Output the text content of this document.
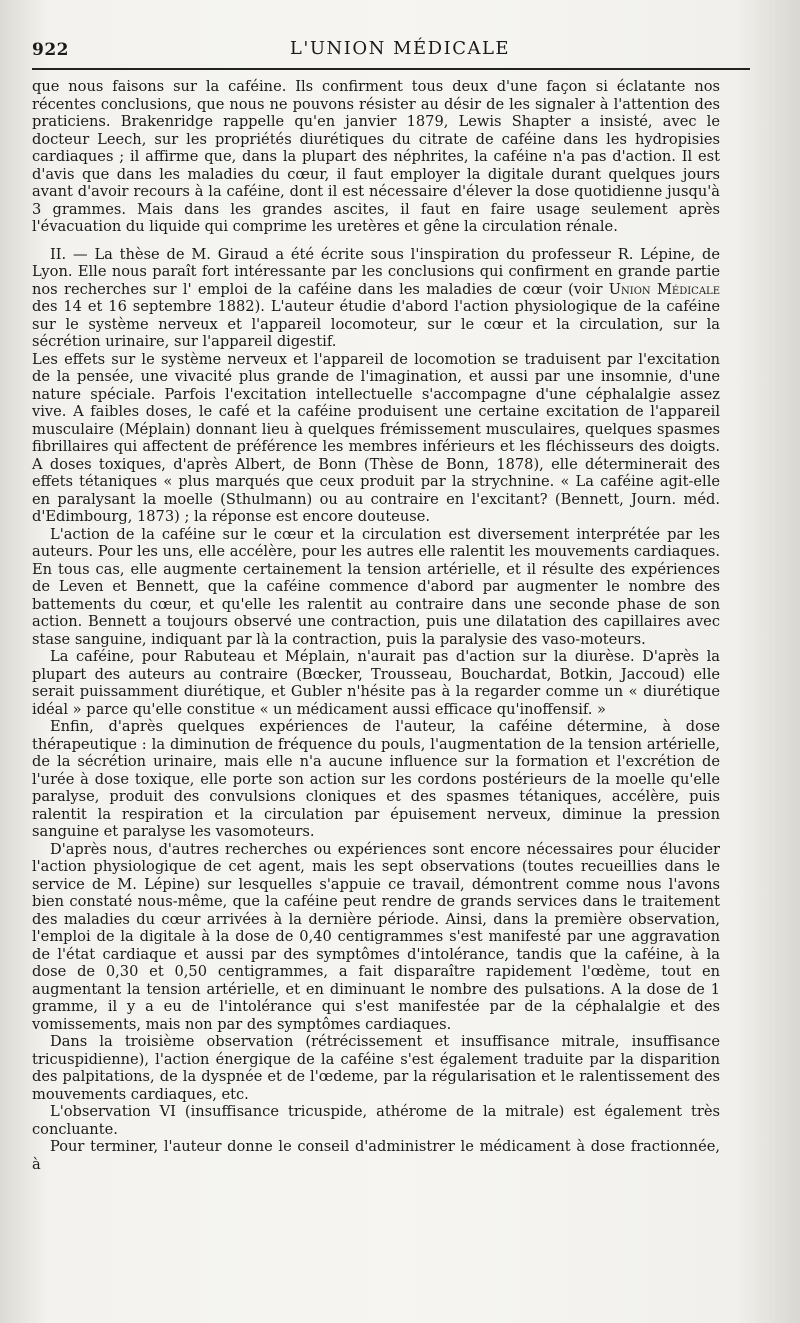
922	L'UNION MÉDICALE

que nous faisons sur la caféine. Ils confirment tous deux d'une façon si éclatante nos récentes conclusions, que nous ne pouvons résister au désir de les signaler à l'attention des praticiens. Brakenridge rappelle qu'en janvier 1879, Lewis Shapter a insisté, avec le docteur Leech, sur les propriétés diurétiques du citrate de caféine dans les hydropisies cardiaques ; il affirme que, dans la plupart des néphrites, la caféine n'a pas d'action. Il est d'avis que dans les maladies du cœur, il faut employer la digitale durant quelques jours avant d'avoir recours à la caféine, dont il est nécessaire d'élever la dose quotidienne jusqu'à 3 grammes. Mais dans les grandes ascites, il faut en faire usage seulement après l'évacuation du liquide qui comprime les uretères et gêne la circulation rénale.

II. — La thèse de M. Giraud a été écrite sous l'inspiration du professeur R. Lépine, de Lyon. Elle nous paraît fort intéressante par les conclusions qui confirment en grande partie nos recherches sur l' emploi de la caféine dans les maladies de cœur (voir Union Médicale des 14 et 16 septembre 1882). L'auteur étudie d'abord l'action physiologique de la caféine sur le système nerveux et l'appareil locomoteur, sur le cœur et la circulation, sur la sécrétion urinaire, sur l'appareil digestif.

Les effets sur le système nerveux et l'appareil de locomotion se traduisent par l'excitation de la pensée, une vivacité plus grande de l'imagination, et aussi par une insomnie, d'une nature spéciale. Parfois l'excitation intellectuelle s'accompagne d'une céphalalgie assez vive. A faibles doses, le café et la caféine produisent une certaine excitation de l'appareil musculaire (Méplain) donnant lieu à quelques frémissement musculaires, quelques spasmes fibrillaires qui affectent de préférence les membres inférieurs et les fléchisseurs des doigts. A doses toxiques, d'après Albert, de Bonn (Thèse de Bonn, 1878), elle déterminerait des effets tétaniques « plus marqués que ceux produit par la strychnine. « La caféine agit-elle en paralysant la moelle (Sthulmann) ou au contraire en l'excitant? (Bennett, Journ. méd. d'Edimbourg, 1873) ; la réponse est encore douteuse.

L'action de la caféine sur le cœur et la circulation est diversement interprétée par les auteurs. Pour les uns, elle accélère, pour les autres elle ralentit les mouvements cardiaques. En tous cas, elle augmente certainement la tension artérielle, et il résulte des expériences de Leven et Bennett, que la caféine commence d'abord par augmenter le nombre des battements du cœur, et qu'elle les ralentit au contraire dans une seconde phase de son action. Bennett a toujours observé une contraction, puis une dilatation des capillaires avec stase sanguine, indiquant par là la contraction, puis la paralysie des vaso-moteurs.

La caféine, pour Rabuteau et Méplain, n'aurait pas d'action sur la diurèse. D'après la plupart des auteurs au contraire (Bœcker, Trousseau, Bouchardat, Botkin, Jaccoud) elle serait puissamment diurétique, et Gubler n'hésite pas à la regarder comme un « diurétique idéal » parce qu'elle constitue « un médicament aussi efficace qu'inoffensif. »

Enfin, d'après quelques expériences de l'auteur, la caféine détermine, à dose thérapeutique : la diminution de fréquence du pouls, l'augmentation de la tension artérielle, de la sécrétion urinaire, mais elle n'a aucune influence sur la formation et l'excrétion de l'urée à dose toxique, elle porte son action sur les cordons postérieurs de la moelle qu'elle paralyse, produit des convulsions cloniques et des spasmes tétaniques, accélère, puis ralentit la respiration et la circulation par épuisement nerveux, diminue la pression sanguine et paralyse les vasomoteurs.

D'après nous, d'autres recherches ou expériences sont encore nécessaires pour élucider l'action physiologique de cet agent, mais les sept observations (toutes recueillies dans le service de M. Lépine) sur lesquelles s'appuie ce travail, démontrent comme nous l'avons bien constaté nous-même, que la caféine peut rendre de grands services dans le traitement des maladies du cœur arrivées à la dernière période. Ainsi, dans la première observation, l'emploi de la digitale à la dose de 0,40 centigrammes s'est manifesté par une aggravation de l'état cardiaque et aussi par des symptômes d'intolérance, tandis que la caféine, à la dose de 0,30 et 0,50 centigrammes, a fait disparaître rapidement l'œdème, tout en augmentant la tension artérielle, et en diminuant le nombre des pulsations. A la dose de 1 gramme, il y a eu de l'intolérance qui s'est manifestée par de la céphalalgie et des vomissements, mais non par des symptômes cardiaques.

Dans la troisième observation (rétrécissement et insuffisance mitrale, insuffisance tricuspidienne), l'action énergique de la caféine s'est également traduite par la disparition des palpitations, de la dyspnée et de l'œdeme, par la régularisation et le ralentissement des mouvements cardiaques, etc.

L'observation VI (insuffisance tricuspide, athérome de la mitrale) est également très concluante.

Pour terminer, l'auteur donne le conseil d'administrer le médicament à dose fractionnée, à
